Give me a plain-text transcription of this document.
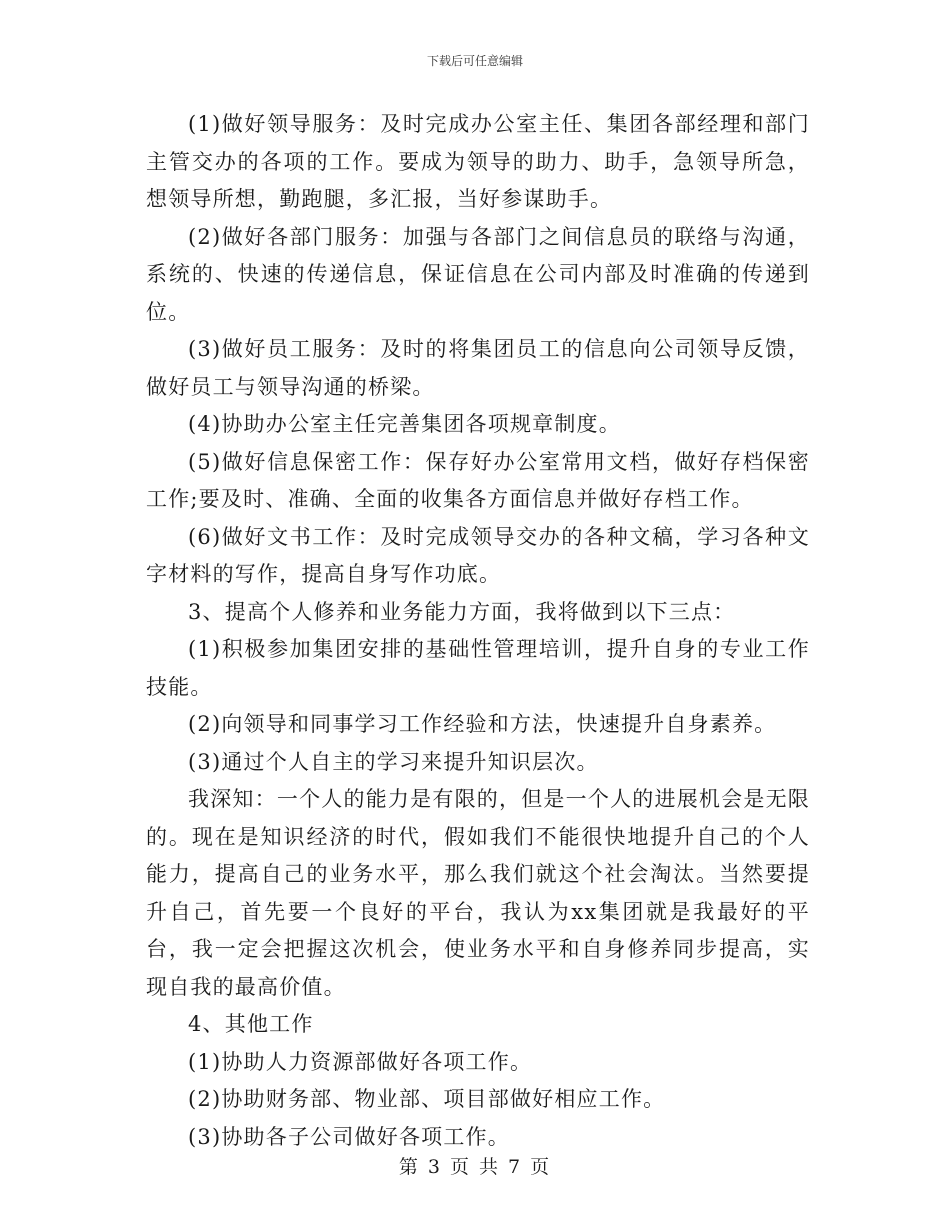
下载后可任意编辑

(1)做好领导服务：及时完成办公室主任、集团各部经理和部门主管交办的各项的工作。要成为领导的助力、助手，急领导所急，想领导所想，勤跑腿，多汇报，当好参谋助手。

(2)做好各部门服务：加强与各部门之间信息员的联络与沟通，系统的、快速的传递信息，保证信息在公司内部及时准确的传递到位。

(3)做好员工服务：及时的将集团员工的信息向公司领导反馈，做好员工与领导沟通的桥梁。

(4)协助办公室主任完善集团各项规章制度。

(5)做好信息保密工作：保存好办公室常用文档，做好存档保密工作;要及时、准确、全面的收集各方面信息并做好存档工作。

(6)做好文书工作：及时完成领导交办的各种文稿，学习各种文字材料的写作，提高自身写作功底。

3、提高个人修养和业务能力方面，我将做到以下三点：

(1)积极参加集团安排的基础性管理培训，提升自身的专业工作技能。

(2)向领导和同事学习工作经验和方法，快速提升自身素养。

(3)通过个人自主的学习来提升知识层次。

我深知：一个人的能力是有限的，但是一个人的进展机会是无限的。现在是知识经济的时代，假如我们不能很快地提升自己的个人能力，提高自己的业务水平，那么我们就这个社会淘汰。当然要提升自己，首先要一个良好的平台，我认为xx集团就是我最好的平台，我一定会把握这次机会，使业务水平和自身修养同步提高，实现自我的最高价值。

4、其他工作

(1)协助人力资源部做好各项工作。

(2)协助财务部、物业部、项目部做好相应工作。

(3)协助各子公司做好各项工作。

第 3 页 共 7 页
